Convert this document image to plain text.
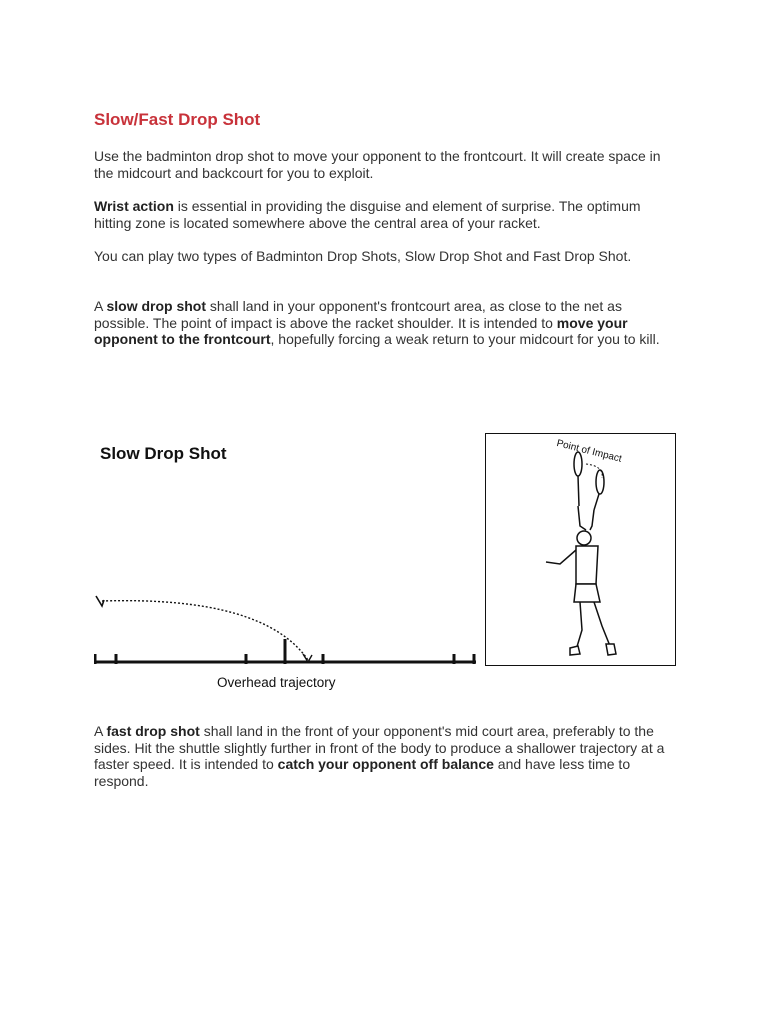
Slow/Fast Drop Shot

Use the badminton drop shot to move your opponent to the frontcourt. It will create space in the midcourt and backcourt for you to exploit.

Wrist action is essential in providing the disguise and element of surprise. The optimum hitting zone is located somewhere above the central area of your racket.

You can play two types of Badminton Drop Shots, Slow Drop Shot and Fast Drop Shot.

A slow drop shot shall land in your opponent's frontcourt area, as close to the net as possible. The point of impact is above the racket shoulder. It is intended to move your opponent to the frontcourt, hopefully forcing a weak return to your midcourt for you to kill.

A fast drop shot shall land in the front of your opponent's mid court area, preferably to the sides. Hit the shuttle slightly further in front of the body to produce a shallower trajectory at a faster speed. It is intended to catch your opponent off balance and have less time to respond.

Slow Drop Shot
Overhead trajectory
Point of Impact
